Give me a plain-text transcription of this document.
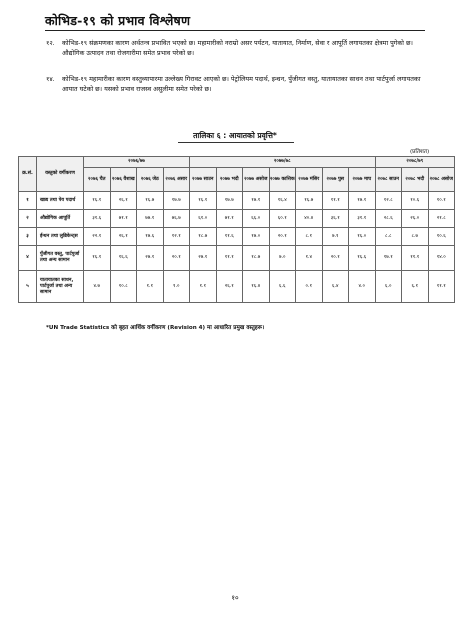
कोभिड-१९ को प्रभाव विश्लेषण
१२.	कोभिड-१९ संक्रमणका कारण अर्थतन्त्र प्रभावित भएको छ। महामारीको नराम्रो असर पर्यटन, यातायात, निर्माण, सेवा र आपूर्ति लगायतका क्षेत्रमा पुगेको छ। औद्योगिक उत्पादन तथा रोजगारीमा समेत प्रभाव परेको छ।
१४.	कोभिड-१९ महामारीका कारण वस्तुव्यापारमा उल्लेख्य गिरावट आएको छ। पेट्रोलियम पदार्थ, इन्धन, पुँजीगत वस्तु, यातायातका साधन तथा पार्टपुर्जा लगायतका आयात घटेको छ। यसको प्रभाव राजस्व असुलीमा समेत परेको छ।
तालिका ६ : आयातको प्रवृत्ति*
(प्रतिशत)
क्र.सं.	वस्तुको वर्गीकरण	२०७६/७७				२०७७/७८							२०७८/७९		
		२०७६ चैत	२०७६ वैशाख	२०७६ जेठ	२०७६ असार	२०७७ साउन	२०७७ भदौ	२०७७ असोज	२०७७ कात्तिक	२०७७ मंसिर	२०७७ पुस	२०७७ माघ	२०७८ साउन	२०७८ भदौ	२०७८ असोज
१	खाद्य तथा पेय पदार्थ	१६.१	२६.१	१६.७	१७.७	१६.१	१७.७	१७.१	१६.४	१६.७	११.१	१७.१	१२.८	१०.६	१०.१
२	औद्योगिक आपूर्ति	३१.६	७१.१	७७.१	७६.७	६१.०	७१.१	६६.०	६०.१	४०.४	३६.१	३१.१	२८.६	२६.०	२१.८
३	ईन्धन तथा लुब्रिकेन्ट्स	२२.१	२६.१	१७.६	१२.१	१८.७	११.६	१७.०	२०.१	८.१	७.१	१६.०	८.८	८.७	१०.६
४	पुँजीगत वस्तु, पार्टपुर्जा तथा अन्य सामान	१६.१	१६.६	२७.१	२०.१	२७.१	११.१	१८.७	७.०	१.४	२०.१	१६.६	१७.१	११.१	१४.०
५	यातायातका साधन, पार्टपुर्जा तथा अन्य सामान	४.७	१०.८	१.१	१.०	१.१	२६.१	१६.४	६.६	०.१	६.४	४.०	६.०	६.१	११.१
*UN Trade Statistics को बृहत आर्थिक वर्गीकरण (Revision 4) मा आधारित प्रमुख वस्तुहरू।
१०
